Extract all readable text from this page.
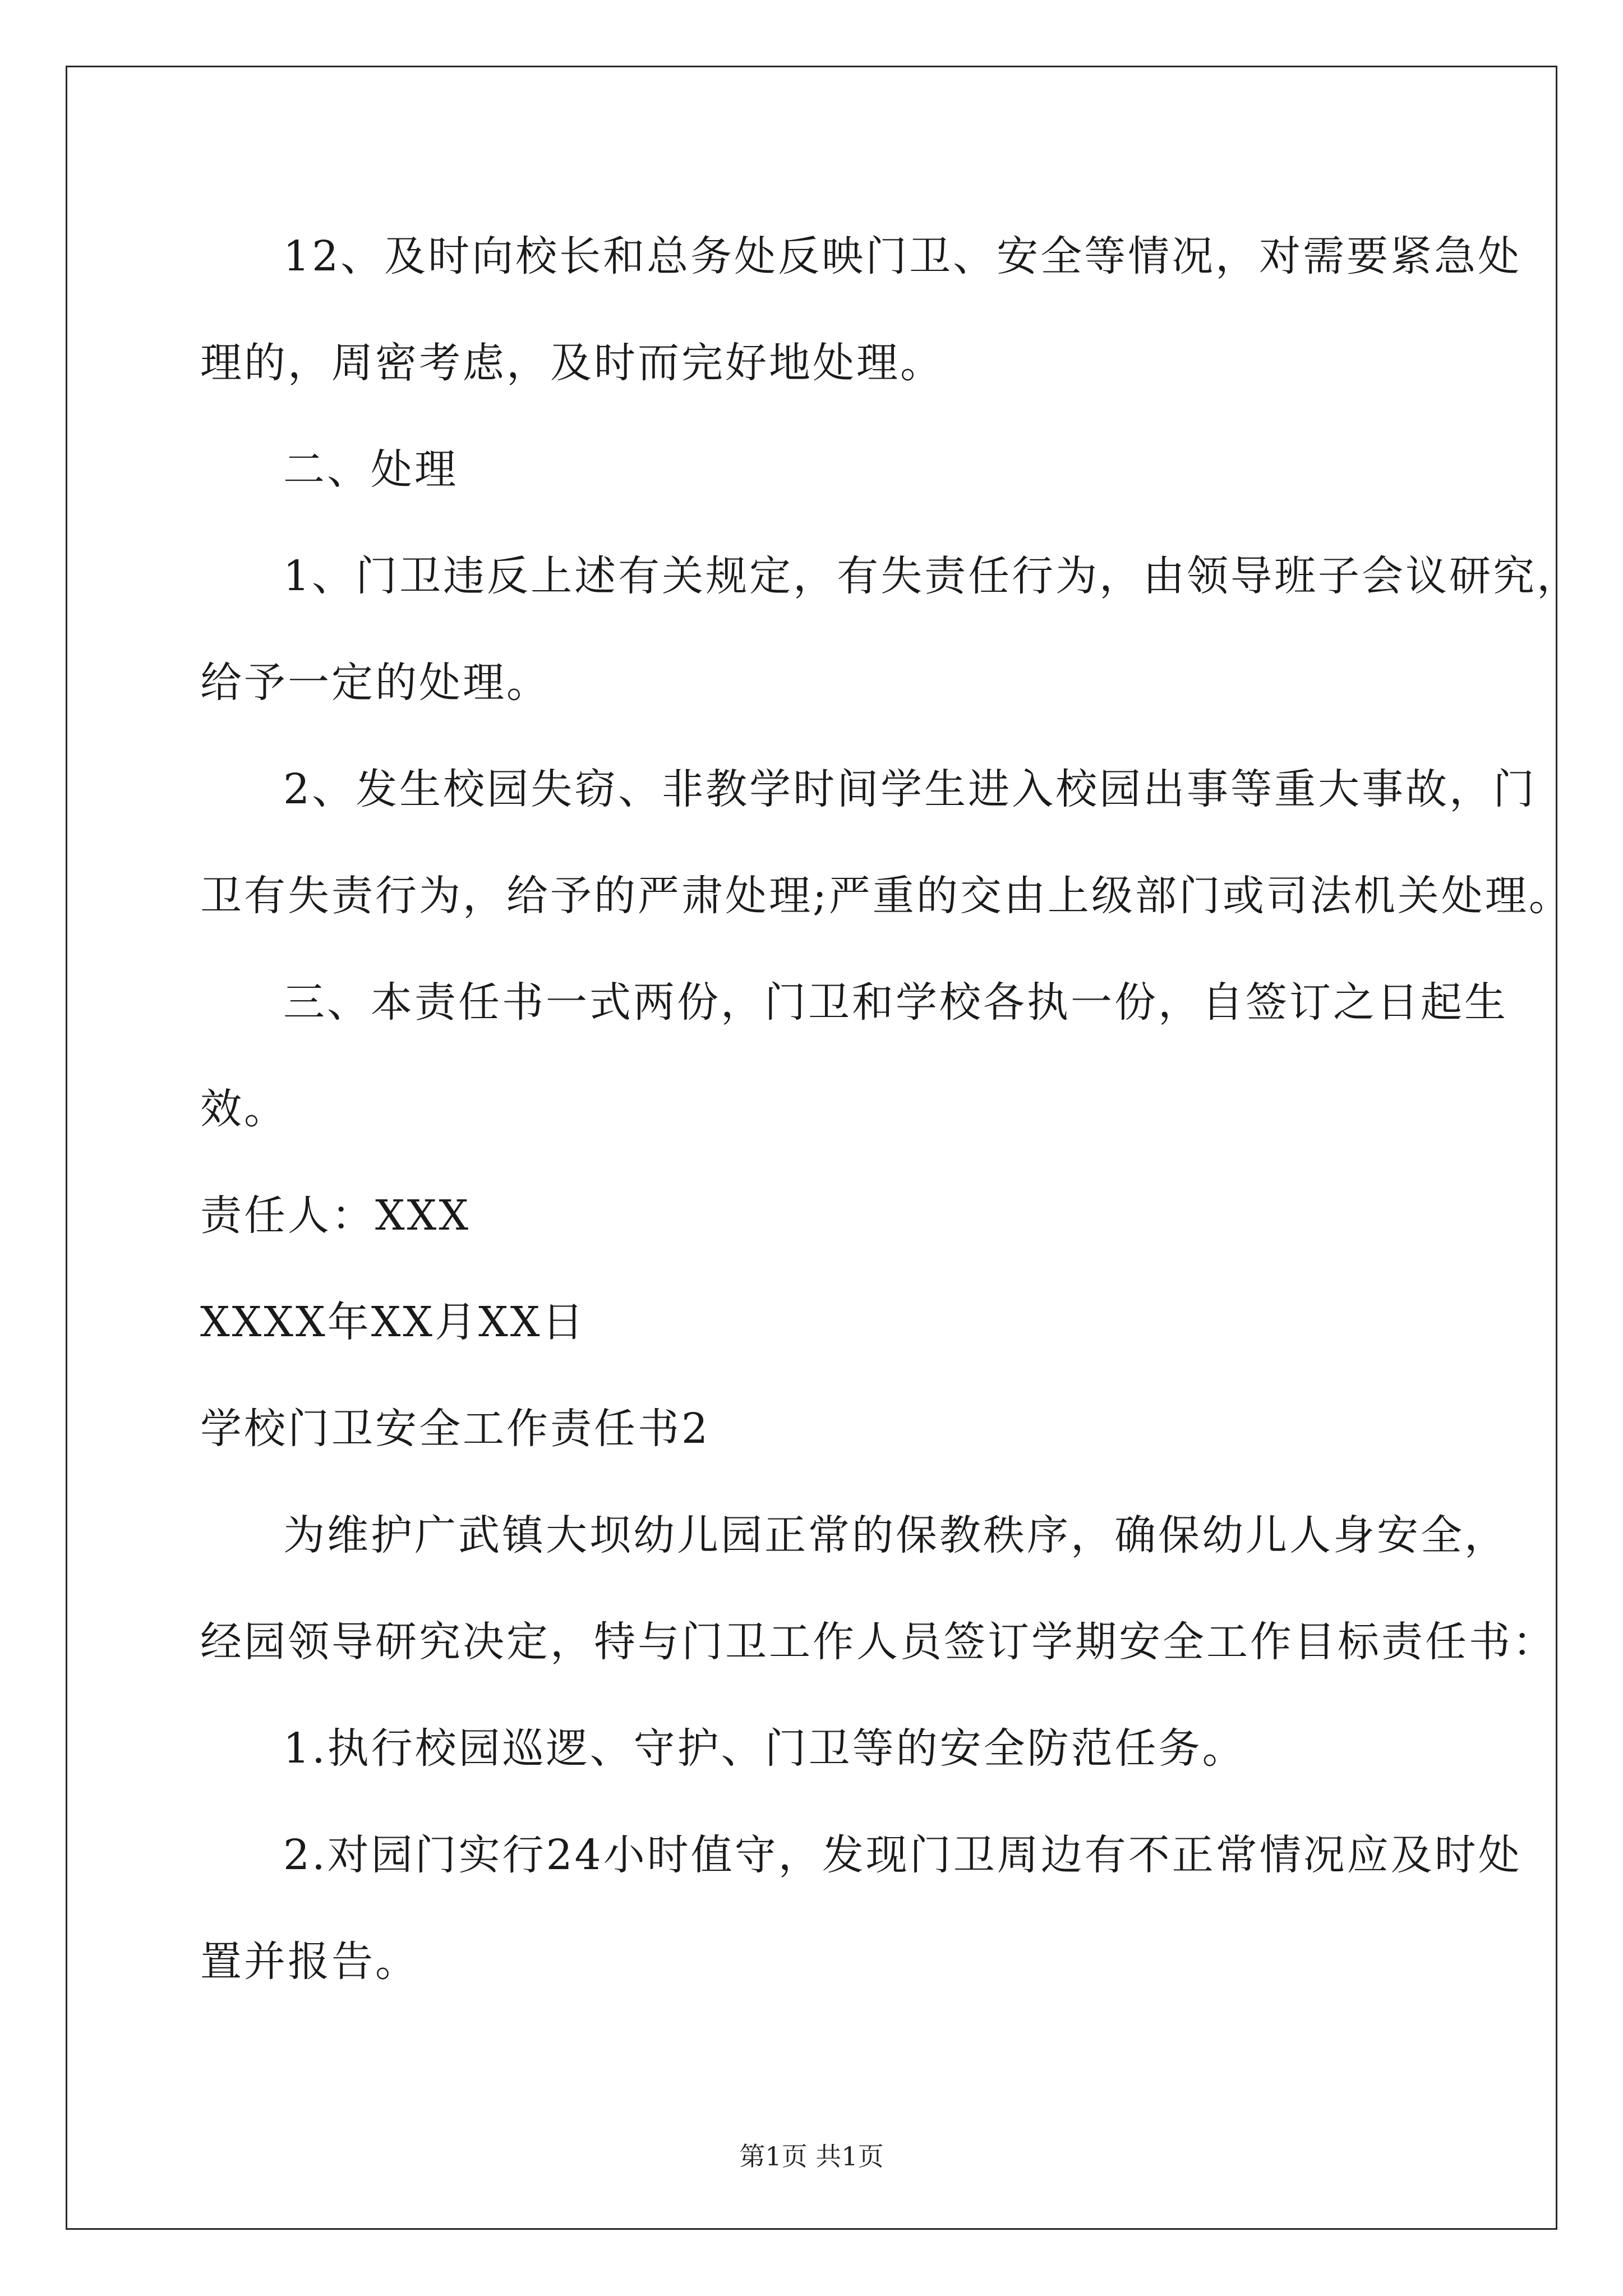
12、及时向校长和总务处反映门卫、安全等情况，对需要紧急处
理的，周密考虑，及时而完好地处理。
二、处理
1、门卫违反上述有关规定，有失责任行为，由领导班子会议研究，
给予一定的处理。
2、发生校园失窃、非教学时间学生进入校园出事等重大事故，门
卫有失责行为，给予的严肃处理;严重的交由上级部门或司法机关处理。
三、本责任书一式两份，门卫和学校各执一份，自签订之日起生
效。
责任人：XXX
XXXX年XX月XX日
学校门卫安全工作责任书2
为维护广武镇大坝幼儿园正常的保教秩序，确保幼儿人身安全，
经园领导研究决定，特与门卫工作人员签订学期安全工作目标责任书：
1.执行校园巡逻、守护、门卫等的安全防范任务。
2.对园门实行24小时值守，发现门卫周边有不正常情况应及时处
置并报告。
第1页 共1页
